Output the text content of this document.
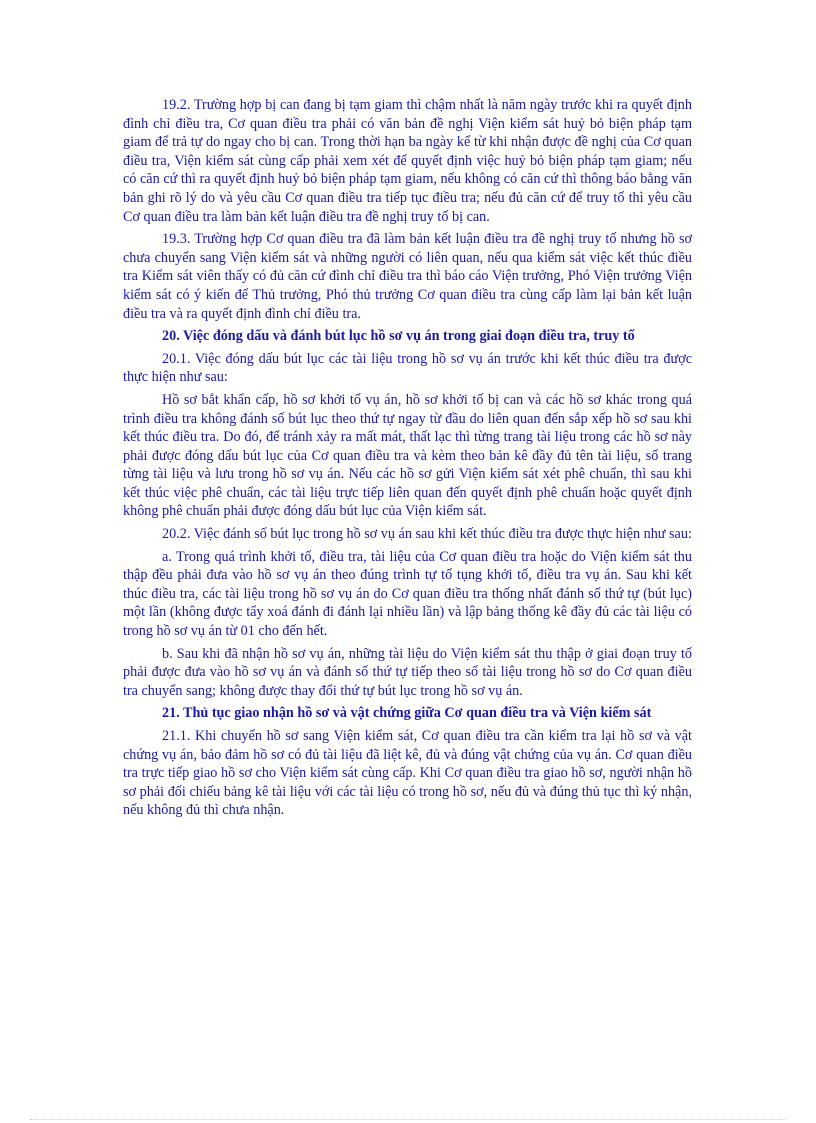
19.2. Trường hợp bị can đang bị tạm giam thì chậm nhất là năm ngày trước khi ra quyết định đình chỉ điều tra, Cơ quan điều tra phải có văn bản đề nghị Viện kiểm sát huỷ bỏ biện pháp tạm giam để trả tự do ngay cho bị can. Trong thời hạn ba ngày kể từ khi nhận được đề nghị của Cơ quan điều tra, Viện kiểm sát cùng cấp phải xem xét để quyết định việc huỷ bỏ biện pháp tạm giam; nếu có căn cứ thì ra quyết định huỷ bỏ biện pháp tạm giam, nếu không có căn cứ thì thông báo bằng văn bản ghi rõ lý do và yêu cầu Cơ quan điều tra tiếp tục điều tra; nếu đủ căn cứ để truy tố thì yêu cầu Cơ quan điều tra làm bản kết luận điều tra đề nghị truy tố bị can.

19.3. Trường hợp Cơ quan điều tra đã làm bản kết luận điều tra đề nghị truy tố nhưng hồ sơ chưa chuyển sang Viện kiểm sát và những người có liên quan, nếu qua kiểm sát việc kết thúc điều tra Kiểm sát viên thấy có đủ căn cứ đình chỉ điều tra thì báo cáo Viện trưởng, Phó Viện trưởng Viện kiểm sát có ý kiến để Thủ trưởng, Phó thủ trưởng Cơ quan điều tra cùng cấp làm lại bản kết luận điều tra và ra quyết định đình chỉ điều tra.

20. Việc đóng dấu và đánh bút lục hồ sơ vụ án trong giai đoạn điều tra, truy tố

20.1. Việc đóng dấu bút lục các tài liệu trong hồ sơ vụ án trước khi kết thúc điều tra được thực hiện như sau:

Hồ sơ bắt khẩn cấp, hồ sơ khởi tố vụ án, hồ sơ khởi tố bị can và các hồ sơ khác trong quá trình điều tra không đánh số bút lục theo thứ tự ngay từ đầu do liên quan đến sắp xếp hồ sơ sau khi kết thúc điều tra. Do đó, để tránh xảy ra mất mát, thất lạc thì từng trang tài liệu trong các hồ sơ này phải được đóng dấu bút lục của Cơ quan điều tra và kèm theo bản kê đầy đủ tên tài liệu, số trang từng tài liệu và lưu trong hồ sơ vụ án. Nếu các hồ sơ gửi Viện kiểm sát xét phê chuẩn, thì sau khi kết thúc việc phê chuẩn, các tài liệu trực tiếp liên quan đến quyết định phê chuẩn hoặc quyết định không phê chuẩn phải được đóng dấu bút lục của Viện kiểm sát.

20.2. Việc đánh số bút lục trong hồ sơ vụ án sau khi kết thúc điều tra được thực hiện như sau:

a. Trong quá trình khởi tố, điều tra, tài liệu của Cơ quan điều tra hoặc do Viện kiểm sát thu thập đều phải đưa vào hồ sơ vụ án theo đúng trình tự tố tụng khởi tố, điều tra vụ án. Sau khi kết thúc điều tra, các tài liệu trong hồ sơ vụ án do Cơ quan điều tra thống nhất đánh số thứ tự (bút lục) một lần (không được tẩy xoá đánh đi đánh lại nhiều lần) và lập bảng thống kê đầy đủ các tài liệu có trong hồ sơ vụ án từ 01 cho đến hết.

b. Sau khi đã nhận hồ sơ vụ án, những tài liệu do Viện kiểm sát thu thập ở giai đoạn truy tố phải được đưa vào hồ sơ vụ án và đánh số thứ tự tiếp theo số tài liệu trong hồ sơ do Cơ quan điều tra chuyển sang; không được thay đổi thứ tự bút lục trong hồ sơ vụ án.

21. Thủ tục giao nhận hồ sơ và vật chứng giữa Cơ quan điều tra và Viện kiểm sát

21.1. Khi chuyển hồ sơ sang Viện kiểm sát, Cơ quan điều tra cần kiểm tra lại hồ sơ và vật chứng vụ án, bảo đảm hồ sơ có đủ tài liệu đã liệt kê, đủ và đúng vật chứng của vụ án. Cơ quan điều tra trực tiếp giao hồ sơ cho Viện kiểm sát cùng cấp. Khi Cơ quan điều tra giao hồ sơ, người nhận hồ sơ phải đối chiếu bảng kê tài liệu với các tài liệu có trong hồ sơ, nếu đủ và đúng thủ tục thì ký nhận, nếu không đủ thì chưa nhận.
